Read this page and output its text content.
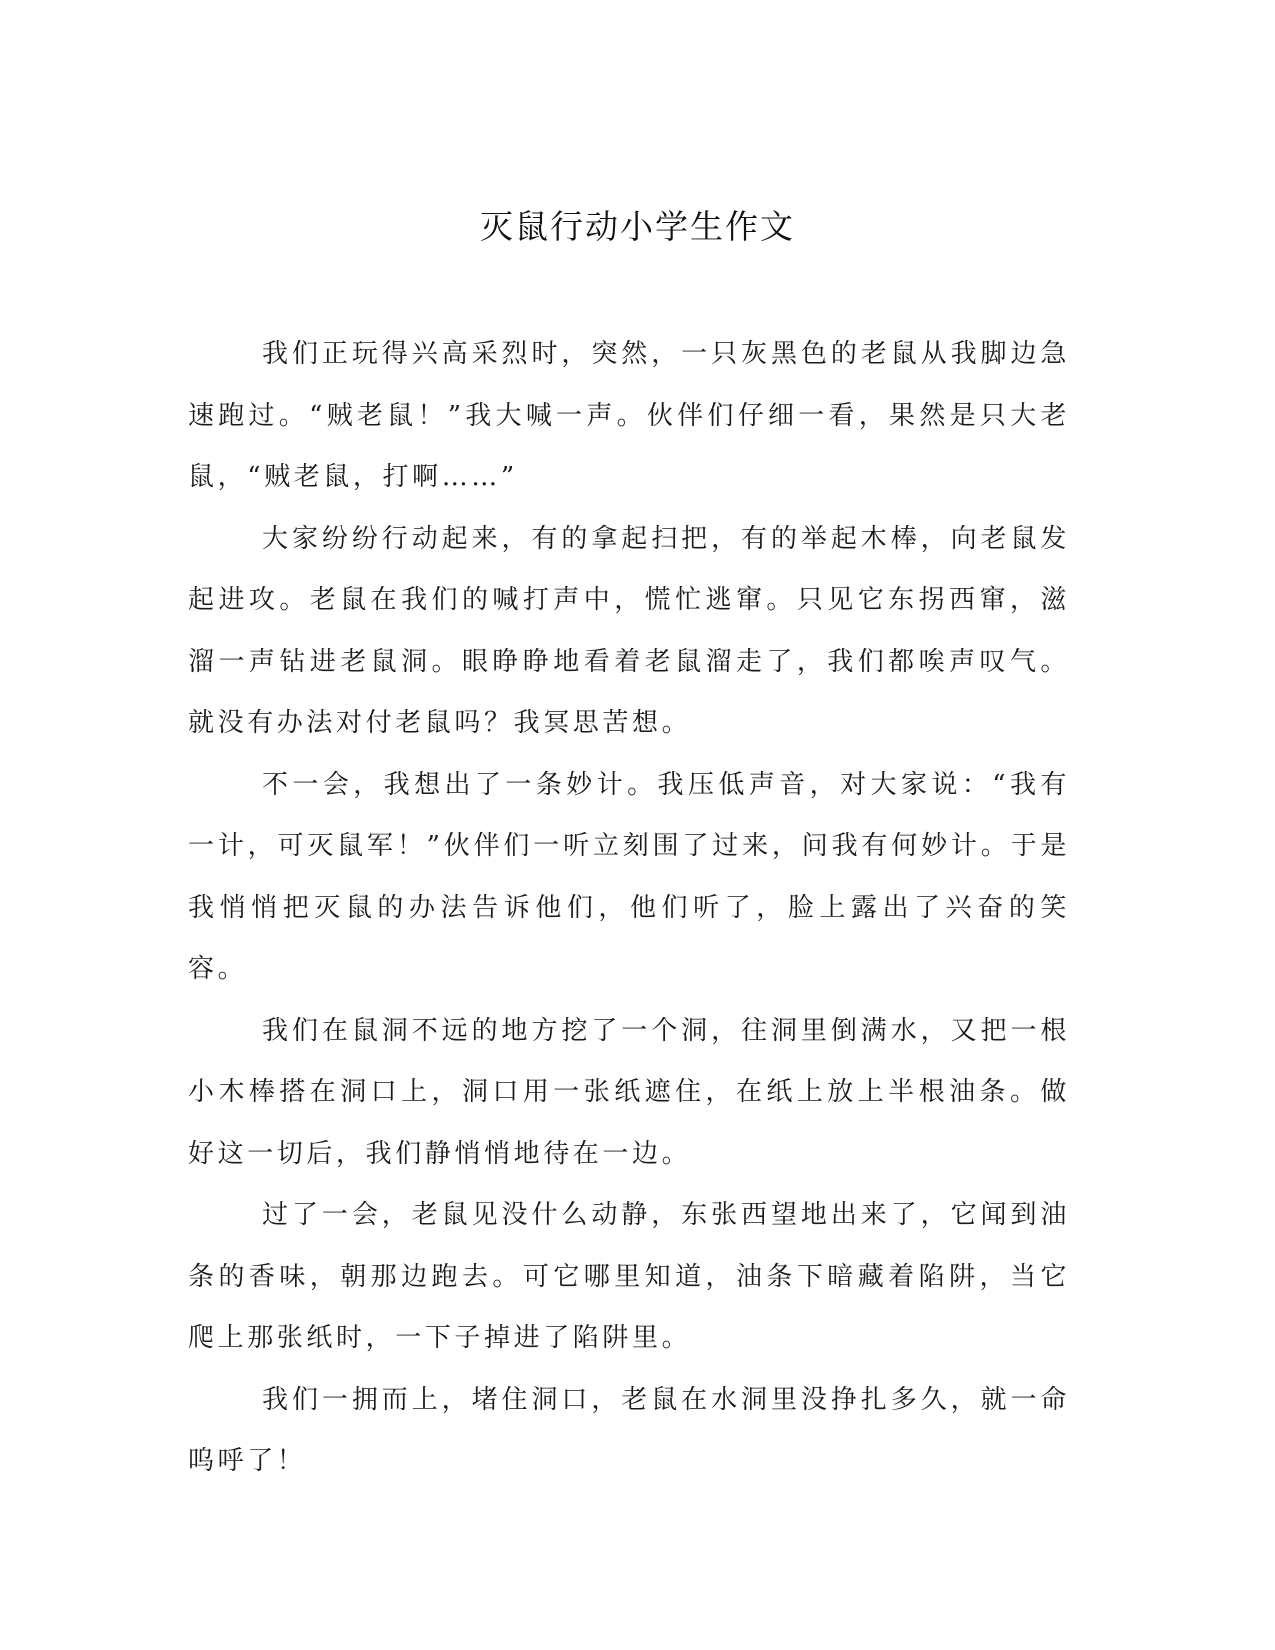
灭鼠行动小学生作文

我们正玩得兴高采烈时，突然，一只灰黑色的老鼠从我脚边急速跑过。“贼老鼠！”我大喊一声。伙伴们仔细一看，果然是只大老鼠，“贼老鼠，打啊……”

大家纷纷行动起来，有的拿起扫把，有的举起木棒，向老鼠发起进攻。老鼠在我们的喊打声中，慌忙逃窜。只见它东拐西窜，滋溜一声钻进老鼠洞。眼睁睁地看着老鼠溜走了，我们都唉声叹气。就没有办法对付老鼠吗？我冥思苦想。

不一会，我想出了一条妙计。我压低声音，对大家说：“我有一计，可灭鼠军！”伙伴们一听立刻围了过来，问我有何妙计。于是我悄悄把灭鼠的办法告诉他们，他们听了，脸上露出了兴奋的笑容。

我们在鼠洞不远的地方挖了一个洞，往洞里倒满水，又把一根小木棒搭在洞口上，洞口用一张纸遮住，在纸上放上半根油条。做好这一切后，我们静悄悄地待在一边。

过了一会，老鼠见没什么动静，东张西望地出来了，它闻到油条的香味，朝那边跑去。可它哪里知道，油条下暗藏着陷阱，当它爬上那张纸时，一下子掉进了陷阱里。

我们一拥而上，堵住洞口，老鼠在水洞里没挣扎多久，就一命呜呼了！
